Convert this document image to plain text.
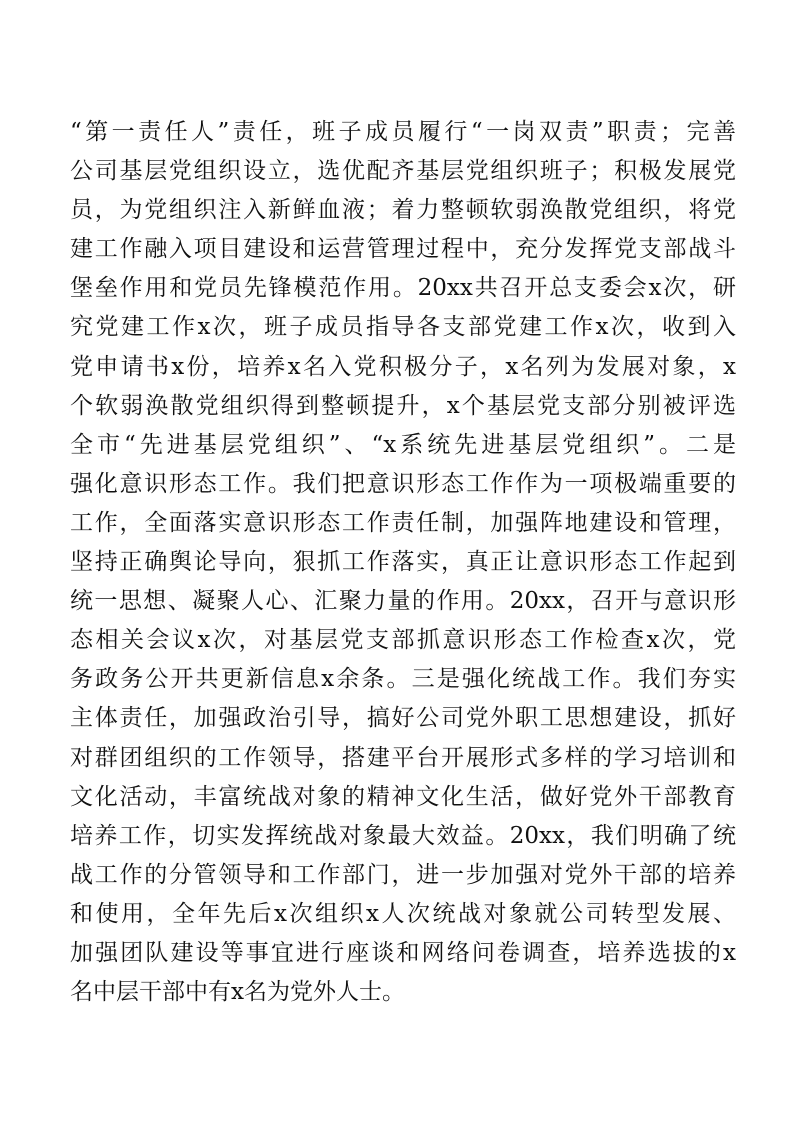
“第一责任人”责任，班子成员履行“一岗双责”职责；完善
公司基层党组织设立，选优配齐基层党组织班子；积极发展党
员，为党组织注入新鲜血液；着力整顿软弱涣散党组织，将党
建工作融入项目建设和运营管理过程中，充分发挥党支部战斗
堡垒作用和党员先锋模范作用。20xx共召开总支委会x次，研
究党建工作x次，班子成员指导各支部党建工作x次，收到入
党申请书x份，培养x名入党积极分子，x名列为发展对象，x
个软弱涣散党组织得到整顿提升，x个基层党支部分别被评选
全市“先进基层党组织”、“x系统先进基层党组织”。二是
强化意识形态工作。我们把意识形态工作作为一项极端重要的
工作，全面落实意识形态工作责任制，加强阵地建设和管理，
坚持正确舆论导向，狠抓工作落实，真正让意识形态工作起到
统一思想、凝聚人心、汇聚力量的作用。20xx，召开与意识形
态相关会议x次，对基层党支部抓意识形态工作检查x次，党
务政务公开共更新信息x余条。三是强化统战工作。我们夯实
主体责任，加强政治引导，搞好公司党外职工思想建设，抓好
对群团组织的工作领导，搭建平台开展形式多样的学习培训和
文化活动，丰富统战对象的精神文化生活，做好党外干部教育
培养工作，切实发挥统战对象最大效益。20xx，我们明确了统
战工作的分管领导和工作部门，进一步加强对党外干部的培养
和使用，全年先后x次组织x人次统战对象就公司转型发展、
加强团队建设等事宜进行座谈和网络问卷调查，培养选拔的x
名中层干部中有x名为党外人士。
